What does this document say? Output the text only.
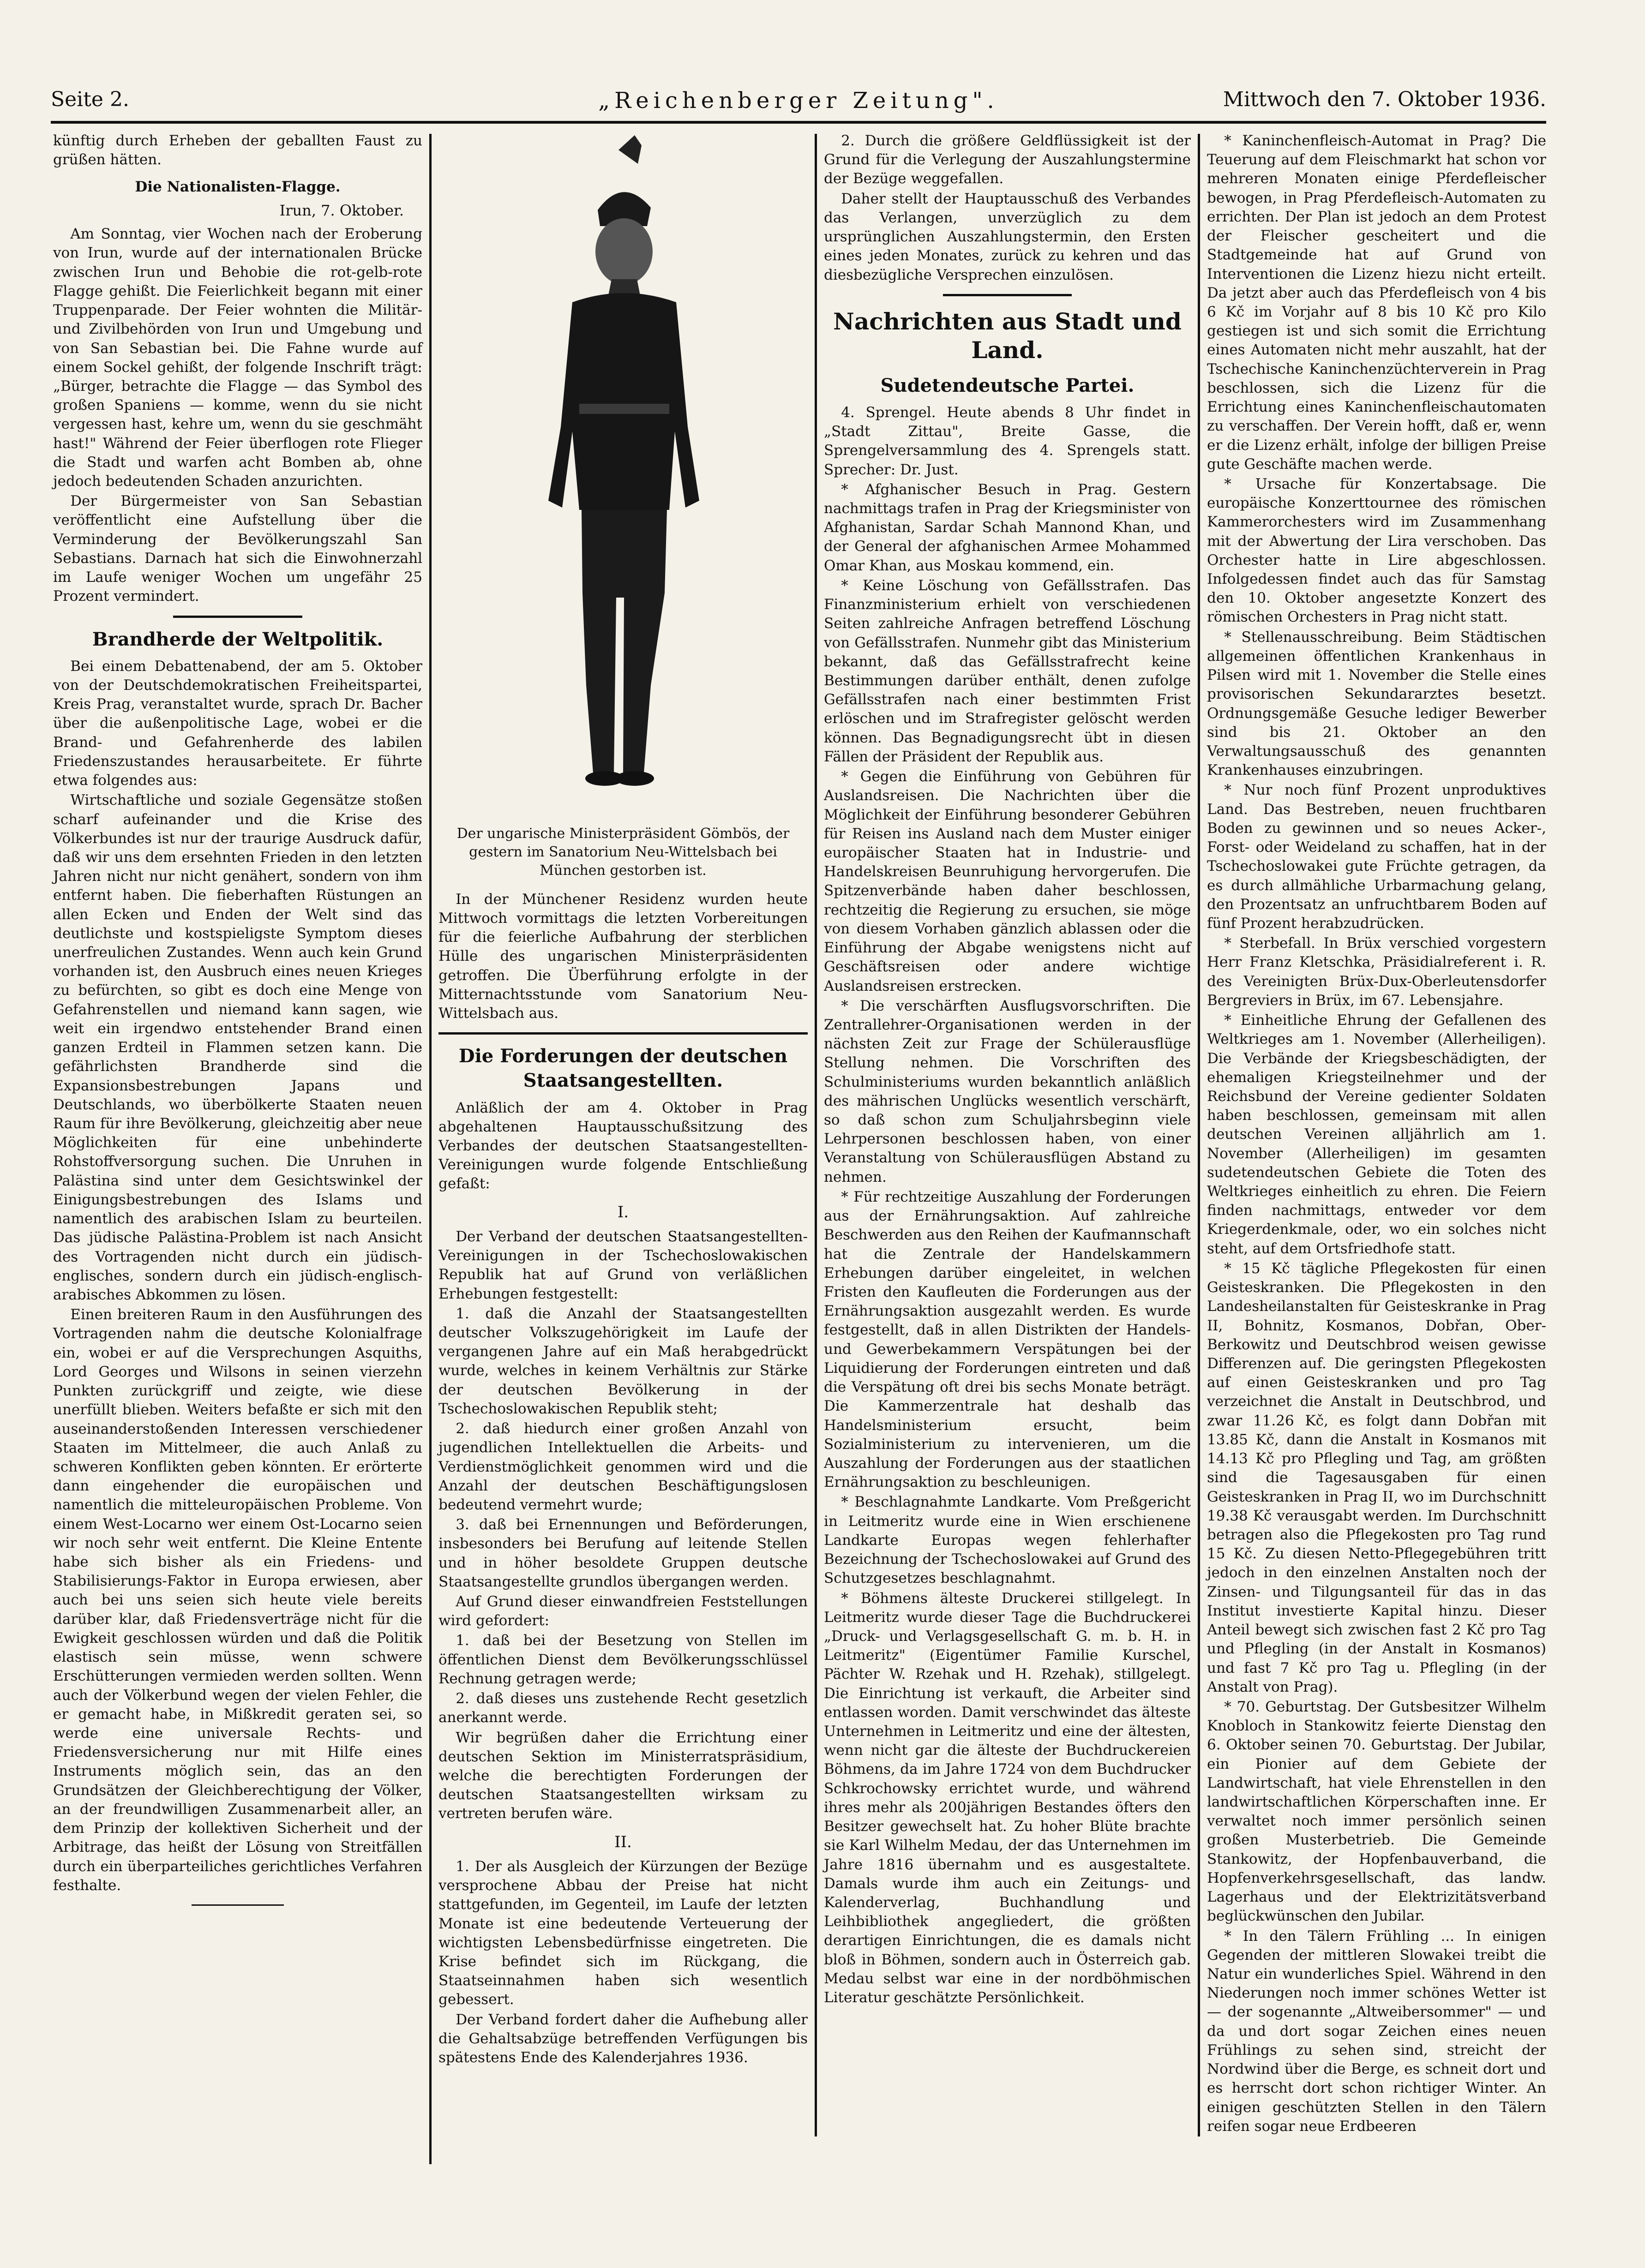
Seite 2.	„Reichenberger Zeitung".	Mittwoch den 7. Oktober 1936.

künftig durch Erheben der geballten Faust zu grüßen hätten.

Die Nationalisten-Flagge.
Irun, 7. Oktober.

Am Sonntag, vier Wochen nach der Eroberung von Irun, wurde auf der internationalen Brücke zwischen Irun und Behobie die rot-gelb-rote Flagge gehißt. Die Feierlichkeit begann mit einer Truppenparade. Der Feier wohnten die Militär- und Zivilbehörden von Irun und Umgebung und von San Sebastian bei. Die Fahne wurde auf einem Sockel gehißt, der folgende Inschrift trägt: „Bürger, betrachte die Flagge — das Symbol des großen Spaniens — komme, wenn du sie nicht vergessen hast, kehre um, wenn du sie geschmäht hast!" Während der Feier überflogen rote Flieger die Stadt und warfen acht Bomben ab, ohne jedoch bedeutenden Schaden anzurichten.

Der Bürgermeister von San Sebastian veröffentlicht eine Aufstellung über die Verminderung der Bevölkerungszahl San Sebastians. Darnach hat sich die Einwohnerzahl im Laufe weniger Wochen um ungefähr 25 Prozent vermindert.

Brandherde der Weltpolitik.

Bei einem Debattenabend, der am 5. Oktober von der Deutschdemokratischen Freiheitspartei, Kreis Prag, veranstaltet wurde, sprach Dr. Bacher über die außenpolitische Lage, wobei er die Brand- und Gefahrenherde des labilen Friedenszustandes herausarbeitete. Er führte etwa folgendes aus:

Wirtschaftliche und soziale Gegensätze stoßen scharf aufeinander und die Krise des Völkerbundes ist nur der traurige Ausdruck dafür, daß wir uns dem ersehnten Frieden in den letzten Jahren nicht nur nicht genähert, sondern von ihm entfernt haben. Die fieberhaften Rüstungen an allen Ecken und Enden der Welt sind das deutlichste und kostspieligste Symptom dieses unerfreulichen Zustandes. Wenn auch kein Grund vorhanden ist, den Ausbruch eines neuen Krieges zu befürchten, so gibt es doch eine Menge von Gefahrenstellen und niemand kann sagen, wie weit ein irgendwo entstehender Brand einen ganzen Erdteil in Flammen setzen kann. Die gefährlichsten Brandherde sind die Expansionsbestrebungen Japans und Deutschlands, wo überbölkerte Staaten neuen Raum für ihre Bevölkerung, gleichzeitig aber neue Möglichkeiten für eine unbehinderte Rohstoffversorgung suchen. Die Unruhen in Palästina sind unter dem Gesichtswinkel der Einigungsbestrebungen des Islams und namentlich des arabischen Islam zu beurteilen. Das jüdische Palästina-Problem ist nach Ansicht des Vortragenden nicht durch ein jüdisch-englisches, sondern durch ein jüdisch-englisch-arabisches Abkommen zu lösen.

Einen breiteren Raum in den Ausführungen des Vortragenden nahm die deutsche Kolonialfrage ein, wobei er auf die Versprechungen Asquiths, Lord Georges und Wilsons in seinen vierzehn Punkten zurückgriff und zeigte, wie diese unerfüllt blieben. Weiters befaßte er sich mit den auseinanderstoßenden Interessen verschiedener Staaten im Mittelmeer, die auch Anlaß zu schweren Konflikten geben könnten. Er erörterte dann eingehender die europäischen und namentlich die mitteleuropäischen Probleme. Von einem West-Locarno wer einem Ost-Locarno seien wir noch sehr weit entfernt. Die Kleine Entente habe sich bisher als ein Friedens- und Stabilisierungs-Faktor in Europa erwiesen, aber auch bei uns seien sich heute viele bereits darüber klar, daß Friedensverträge nicht für die Ewigkeit geschlossen würden und daß die Politik elastisch sein müsse, wenn schwere Erschütterungen vermieden werden sollten. Wenn auch der Völkerbund wegen der vielen Fehler, die er gemacht habe, in Mißkredit geraten sei, so werde eine universale Rechts- und Friedensversicherung nur mit Hilfe eines Instruments möglich sein, das an den Grundsätzen der Gleichberechtigung der Völker, an der freundwilligen Zusammenarbeit aller, an dem Prinzip der kollektiven Sicherheit und der Arbitrage, das heißt der Lösung von Streitfällen durch ein überparteiliches gerichtliches Verfahren festhalte.

Der ungarische Ministerpräsident Gömbös, der gestern im Sanatorium Neu-Wittelsbach bei München gestorben ist.

In der Münchener Residenz wurden heute Mittwoch vormittags die letzten Vorbereitungen für die feierliche Aufbahrung der sterblichen Hülle des ungarischen Ministerpräsidenten getroffen. Die Überführung erfolgte in der Mitternachtsstunde vom Sanatorium Neu-Wittelsbach aus.

Die Forderungen der deutschen Staatsangestellten.

Anläßlich der am 4. Oktober in Prag abgehaltenen Hauptausschußsitzung des Verbandes der deutschen Staatsangestellten-Vereinigungen wurde folgende Entschließung gefaßt:

I.

Der Verband der deutschen Staatsangestellten-Vereinigungen in der Tschechoslowakischen Republik hat auf Grund von verläßlichen Erhebungen festgestellt:

1. daß die Anzahl der Staatsangestellten deutscher Volkszugehörigkeit im Laufe der vergangenen Jahre auf ein Maß herabgedrückt wurde, welches in keinem Verhältnis zur Stärke der deutschen Bevölkerung in der Tschechoslowakischen Republik steht;

2. daß hiedurch einer großen Anzahl von jugendlichen Intellektuellen die Arbeits- und Verdienstmöglichkeit genommen wird und die Anzahl der deutschen Beschäftigungslosen bedeutend vermehrt wurde;

3. daß bei Ernennungen und Beförderungen, insbesonders bei Berufung auf leitende Stellen und in höher besoldete Gruppen deutsche Staatsangestellte grundlos übergangen werden.

Auf Grund dieser einwandfreien Feststellungen wird gefordert:

1. daß bei der Besetzung von Stellen im öffentlichen Dienst dem Bevölkerungsschlüssel Rechnung getragen werde;

2. daß dieses uns zustehende Recht gesetzlich anerkannt werde.

Wir begrüßen daher die Errichtung einer deutschen Sektion im Ministerratspräsidium, welche die berechtigten Forderungen der deutschen Staatsangestellten wirksam zu vertreten berufen wäre.

II.

1. Der als Ausgleich der Kürzungen der Bezüge versprochene Abbau der Preise hat nicht stattgefunden, im Gegenteil, im Laufe der letzten Monate ist eine bedeutende Verteuerung der wichtigsten Lebensbedürfnisse eingetreten. Die Krise befindet sich im Rückgang, die Staatseinnahmen haben sich wesentlich gebessert.

Der Verband fordert daher die Aufhebung aller die Gehaltsabzüge betreffenden Verfügungen bis spätestens Ende des Kalenderjahres 1936.

2. Durch die größere Geldflüssigkeit ist der Grund für die Verlegung der Auszahlungstermine der Bezüge weggefallen.

Daher stellt der Hauptausschuß des Verbandes das Verlangen, unverzüglich zu dem ursprünglichen Auszahlungstermin, den Ersten eines jeden Monates, zurück zu kehren und das diesbezügliche Versprechen einzulösen.

Nachrichten aus Stadt und Land.
Sudetendeutsche Partei.

4. Sprengel. Heute abends 8 Uhr findet in „Stadt Zittau", Breite Gasse, die Sprengelversammlung des 4. Sprengels statt. Sprecher: Dr. Just.

* Afghanischer Besuch in Prag. Gestern nachmittags trafen in Prag der Kriegsminister von Afghanistan, Sardar Schah Mannond Khan, und der General der afghanischen Armee Mohammed Omar Khan, aus Moskau kommend, ein.

* Keine Löschung von Gefällsstrafen. Das Finanzministerium erhielt von verschiedenen Seiten zahlreiche Anfragen betreffend Löschung von Gefällsstrafen. Nunmehr gibt das Ministerium bekannt, daß das Gefällsstrafrecht keine Bestimmungen darüber enthält, denen zufolge Gefällsstrafen nach einer bestimmten Frist erlöschen und im Strafregister gelöscht werden können. Das Begnadigungsrecht übt in diesen Fällen der Präsident der Republik aus.

* Gegen die Einführung von Gebühren für Auslandsreisen. Die Nachrichten über die Möglichkeit der Einführung besonderer Gebühren für Reisen ins Ausland nach dem Muster einiger europäischer Staaten hat in Industrie- und Handelskreisen Beunruhigung hervorgerufen. Die Spitzenverbände haben daher beschlossen, rechtzeitig die Regierung zu ersuchen, sie möge von diesem Vorhaben gänzlich ablassen oder die Einführung der Abgabe wenigstens nicht auf Geschäftsreisen oder andere wichtige Auslandsreisen erstrecken.

* Die verschärften Ausflugsvorschriften. Die Zentrallehrer-Organisationen werden in der nächsten Zeit zur Frage der Schülerausflüge Stellung nehmen. Die Vorschriften des Schulministeriums wurden bekanntlich anläßlich des mährischen Unglücks wesentlich verschärft, so daß schon zum Schuljahrsbeginn viele Lehrpersonen beschlossen haben, von einer Veranstaltung von Schülerausflügen Abstand zu nehmen.

* Für rechtzeitige Auszahlung der Forderungen aus der Ernährungsaktion. Auf zahlreiche Beschwerden aus den Reihen der Kaufmannschaft hat die Zentrale der Handelskammern Erhebungen darüber eingeleitet, in welchen Fristen den Kaufleuten die Forderungen aus der Ernährungsaktion ausgezahlt werden. Es wurde festgestellt, daß in allen Distrikten der Handels- und Gewerbekammern Verspätungen bei der Liquidierung der Forderungen eintreten und daß die Verspätung oft drei bis sechs Monate beträgt. Die Kammerzentrale hat deshalb das Handelsministerium ersucht, beim Sozialministerium zu intervenieren, um die Auszahlung der Forderungen aus der staatlichen Ernährungsaktion zu beschleunigen.

* Beschlagnahmte Landkarte. Vom Preßgericht in Leitmeritz wurde eine in Wien erschienene Landkarte Europas wegen fehlerhafter Bezeichnung der Tschechoslowakei auf Grund des Schutzgesetzes beschlagnahmt.

* Böhmens älteste Druckerei stillgelegt. In Leitmeritz wurde dieser Tage die Buchdruckerei „Druck- und Verlagsgesellschaft G. m. b. H. in Leitmeritz" (Eigentümer Familie Kurschel, Pächter W. Rzehak und H. Rzehak), stillgelegt. Die Einrichtung ist verkauft, die Arbeiter sind entlassen worden. Damit verschwindet das älteste Unternehmen in Leitmeritz und eine der ältesten, wenn nicht gar die älteste der Buchdruckereien Böhmens, da im Jahre 1724 von dem Buchdrucker Schkrochowsky errichtet wurde, und während ihres mehr als 200jährigen Bestandes öfters den Besitzer gewechselt hat. Zu hoher Blüte brachte sie Karl Wilhelm Medau, der das Unternehmen im Jahre 1816 übernahm und es ausgestaltete. Damals wurde ihm auch ein Zeitungs- und Kalenderverlag, Buchhandlung und Leihbibliothek angegliedert, die größten derartigen Einrichtungen, die es damals nicht bloß in Böhmen, sondern auch in Österreich gab. Medau selbst war eine in der nordböhmischen Literatur geschätzte Persönlichkeit.

* Kaninchenfleisch-Automat in Prag? Die Teuerung auf dem Fleischmarkt hat schon vor mehreren Monaten einige Pferdefleischer bewogen, in Prag Pferdefleisch-Automaten zu errichten. Der Plan ist jedoch an dem Protest der Fleischer gescheitert und die Stadtgemeinde hat auf Grund von Interventionen die Lizenz hiezu nicht erteilt. Da jetzt aber auch das Pferdefleisch von 4 bis 6 Kč im Vorjahr auf 8 bis 10 Kč pro Kilo gestiegen ist und sich somit die Errichtung eines Automaten nicht mehr auszahlt, hat der Tschechische Kaninchenzüchterverein in Prag beschlossen, sich die Lizenz für die Errichtung eines Kaninchenfleischautomaten zu verschaffen. Der Verein hofft, daß er, wenn er die Lizenz erhält, infolge der billigen Preise gute Geschäfte machen werde.

* Ursache für Konzertabsage. Die europäische Konzerttournee des römischen Kammerorchesters wird im Zusammenhang mit der Abwertung der Lira verschoben. Das Orchester hatte in Lire abgeschlossen. Infolgedessen findet auch das für Samstag den 10. Oktober angesetzte Konzert des römischen Orchesters in Prag nicht statt.

* Stellenausschreibung. Beim Städtischen allgemeinen öffentlichen Krankenhaus in Pilsen wird mit 1. November die Stelle eines provisorischen Sekundararztes besetzt. Ordnungsgemäße Gesuche lediger Bewerber sind bis 21. Oktober an den Verwaltungsausschuß des genannten Krankenhauses einzubringen.

* Nur noch fünf Prozent unproduktives Land. Das Bestreben, neuen fruchtbaren Boden zu gewinnen und so neues Acker-, Forst- oder Weideland zu schaffen, hat in der Tschechoslowakei gute Früchte getragen, da es durch allmähliche Urbarmachung gelang, den Prozentsatz an unfruchtbarem Boden auf fünf Prozent herabzudrücken.

* Sterbefall. In Brüx verschied vorgestern Herr Franz Kletschka, Präsidialreferent i. R. des Vereinigten Brüx-Dux-Oberleutensdorfer Bergreviers in Brüx, im 67. Lebensjahre.

* Einheitliche Ehrung der Gefallenen des Weltkrieges am 1. November (Allerheiligen). Die Verbände der Kriegsbeschädigten, der ehemaligen Kriegsteilnehmer und der Reichsbund der Vereine gedienter Soldaten haben beschlossen, gemeinsam mit allen deutschen Vereinen alljährlich am 1. November (Allerheiligen) im gesamten sudetendeutschen Gebiete die Toten des Weltkrieges einheitlich zu ehren. Die Feiern finden nachmittags, entweder vor dem Kriegerdenkmale, oder, wo ein solches nicht steht, auf dem Ortsfriedhofe statt.

* 15 Kč tägliche Pflegekosten für einen Geisteskranken. Die Pflegekosten in den Landesheilanstalten für Geisteskranke in Prag II, Bohnitz, Kosmanos, Dobřan, Ober-Berkowitz und Deutschbrod weisen gewisse Differenzen auf. Die geringsten Pflegekosten auf einen Geisteskranken und pro Tag verzeichnet die Anstalt in Deutschbrod, und zwar 11.26 Kč, es folgt dann Dobřan mit 13.85 Kč, dann die Anstalt in Kosmanos mit 14.13 Kč pro Pflegling und Tag, am größten sind die Tagesausgaben für einen Geisteskranken in Prag II, wo im Durchschnitt 19.38 Kč verausgabt werden. Im Durchschnitt betragen also die Pflegekosten pro Tag rund 15 Kč. Zu diesen Netto-Pflegegebühren tritt jedoch in den einzelnen Anstalten noch der Zinsen- und Tilgungsanteil für das in das Institut investierte Kapital hinzu. Dieser Anteil bewegt sich zwischen fast 2 Kč pro Tag und Pflegling (in der Anstalt in Kosmanos) und fast 7 Kč pro Tag u. Pflegling (in der Anstalt von Prag).

* 70. Geburtstag. Der Gutsbesitzer Wilhelm Knobloch in Stankowitz feierte Dienstag den 6. Oktober seinen 70. Geburtstag. Der Jubilar, ein Pionier auf dem Gebiete der Landwirtschaft, hat viele Ehrenstellen in den landwirtschaftlichen Körperschaften inne. Er verwaltet noch immer persönlich seinen großen Musterbetrieb. Die Gemeinde Stankowitz, der Hopfenbauverband, die Hopfenverkehrsgesellschaft, das landw. Lagerhaus und der Elektrizitätsverband beglückwünschen den Jubilar.

* In den Tälern Frühling ... In einigen Gegenden der mittleren Slowakei treibt die Natur ein wunderliches Spiel. Während in den Niederungen noch immer schönes Wetter ist — der sogenannte „Altweibersommer" — und da und dort sogar Zeichen eines neuen Frühlings zu sehen sind, streicht der Nordwind über die Berge, es schneit dort und es herrscht dort schon richtiger Winter. An einigen geschützten Stellen in den Tälern reifen sogar neue Erdbeeren
